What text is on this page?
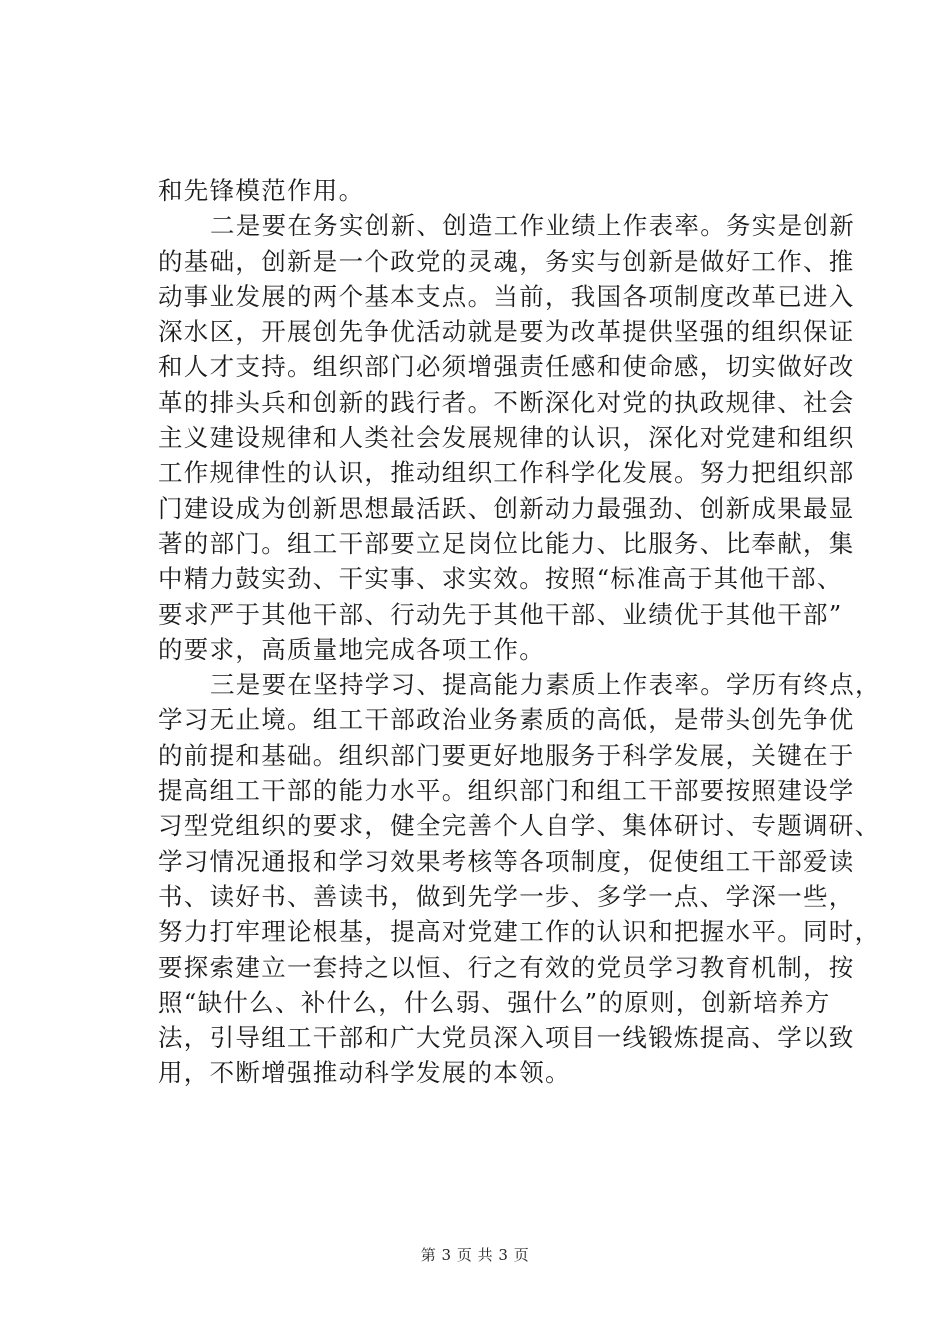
和先锋模范作用。
二是要在务实创新、创造工作业绩上作表率。务实是创新
的基础，创新是一个政党的灵魂，务实与创新是做好工作、推
动事业发展的两个基本支点。当前，我国各项制度改革已进入
深水区，开展创先争优活动就是要为改革提供坚强的组织保证
和人才支持。组织部门必须增强责任感和使命感，切实做好改
革的排头兵和创新的践行者。不断深化对党的执政规律、社会
主义建设规律和人类社会发展规律的认识，深化对党建和组织
工作规律性的认识，推动组织工作科学化发展。努力把组织部
门建设成为创新思想最活跃、创新动力最强劲、创新成果最显
著的部门。组工干部要立足岗位比能力、比服务、比奉献，集
中精力鼓实劲、干实事、求实效。按照“标准高于其他干部、
要求严于其他干部、行动先于其他干部、业绩优于其他干部”
的要求，高质量地完成各项工作。
三是要在坚持学习、提高能力素质上作表率。学历有终点，
学习无止境。组工干部政治业务素质的高低，是带头创先争优
的前提和基础。组织部门要更好地服务于科学发展，关键在于
提高组工干部的能力水平。组织部门和组工干部要按照建设学
习型党组织的要求，健全完善个人自学、集体研讨、专题调研、
学习情况通报和学习效果考核等各项制度，促使组工干部爱读
书、读好书、善读书，做到先学一步、多学一点、学深一些，
努力打牢理论根基，提高对党建工作的认识和把握水平。同时，
要探索建立一套持之以恒、行之有效的党员学习教育机制，按
照“缺什么、补什么，什么弱、强什么”的原则，创新培养方
法，引导组工干部和广大党员深入项目一线锻炼提高、学以致
用，不断增强推动科学发展的本领。
第 3 页 共 3 页
